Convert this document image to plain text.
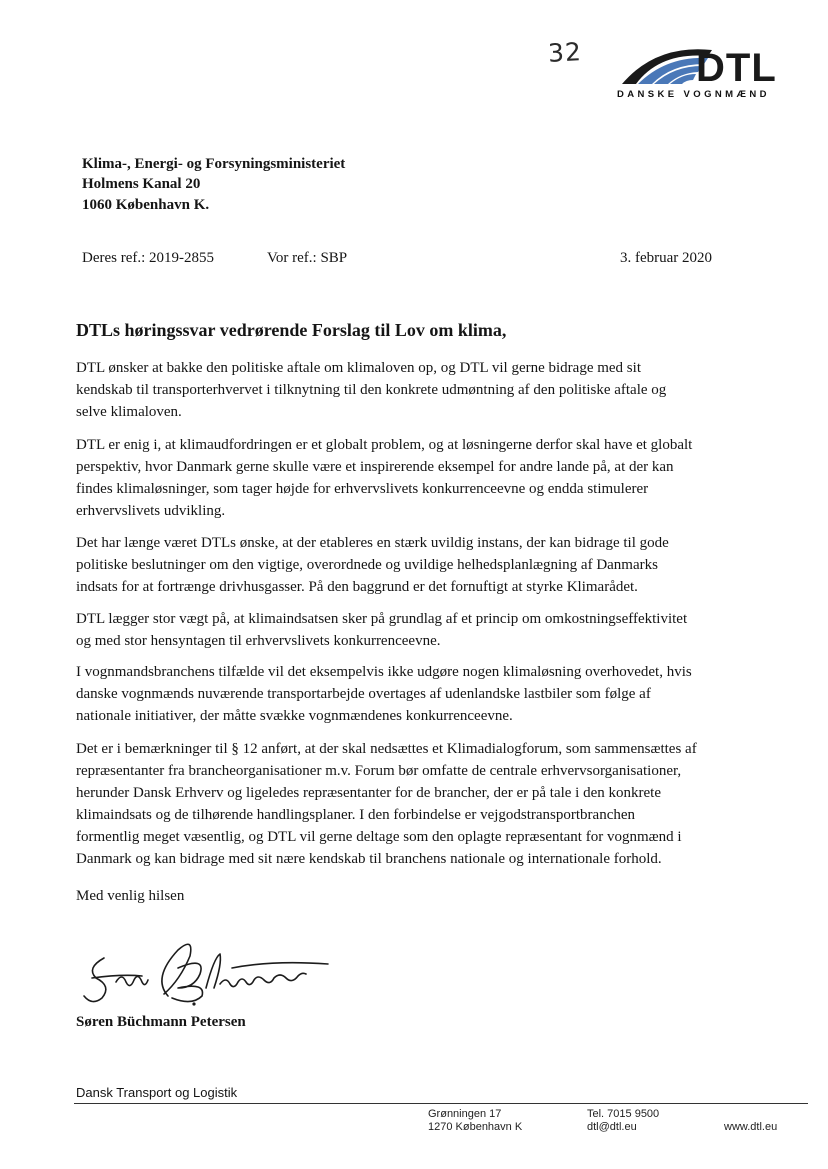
32	DTL
DANSKE VOGNMÆND
Klima-, Energi- og Forsyningsministeriet
Holmens Kanal 20
1060 København K.
Deres ref.: 2019-2855	Vor ref.: SBP	3. februar 2020
DTLs høringssvar vedrørende Forslag til Lov om klima,
DTL ønsker at bakke den politiske aftale om klimaloven op, og DTL vil gerne bidrage med sit
kendskab til transporterhvervet i tilknytning til den konkrete udmøntning af den politiske aftale og
selve klimaloven.
DTL er enig i, at klimaudfordringen er et globalt problem, og at løsningerne derfor skal have et globalt
perspektiv, hvor Danmark gerne skulle være et inspirerende eksempel for andre lande på, at der kan
findes klimaløsninger, som tager højde for erhvervslivets konkurrenceevne og endda stimulerer
erhvervslivets udvikling.
Det har længe været DTLs ønske, at der etableres en stærk uvildig instans, der kan bidrage til gode
politiske beslutninger om den vigtige, overordnede og uvildige helhedsplanlægning af Danmarks
indsats for at fortrænge drivhusgasser. På den baggrund er det fornuftigt at styrke Klimarådet.
DTL lægger stor vægt på, at klimaindsatsen sker på grundlag af et princip om omkostningseffektivitet
og med stor hensyntagen til erhvervslivets konkurrenceevne.
I vognmandsbranchens tilfælde vil det eksempelvis ikke udgøre nogen klimaløsning overhovedet, hvis
danske vognmænds nuværende transportarbejde overtages af udenlandske lastbiler som følge af
nationale initiativer, der måtte svække vognmændenes konkurrenceevne.
Det er i bemærkninger til § 12 anført, at der skal nedsættes et Klimadialogforum, som sammensættes af
repræsentanter fra brancheorganisationer m.v. Forum bør omfatte de centrale erhvervsorganisationer,
herunder Dansk Erhverv og ligeledes repræsentanter for de brancher, der er på tale i den konkrete
klimaindsats og de tilhørende handlingsplaner. I den forbindelse er vejgodstransportbranchen
formentlig meget væsentlig, og DTL vil gerne deltage som den oplagte repræsentant for vognmænd i
Danmark og kan bidrage med sit nære kendskab til branchens nationale og internationale forhold.
Med venlig hilsen
Søren Büchmann Petersen
Dansk Transport og Logistik
Grønningen 17
1270 København K
Tel. 7015 9500
dtl@dtl.eu	www.dtl.eu
